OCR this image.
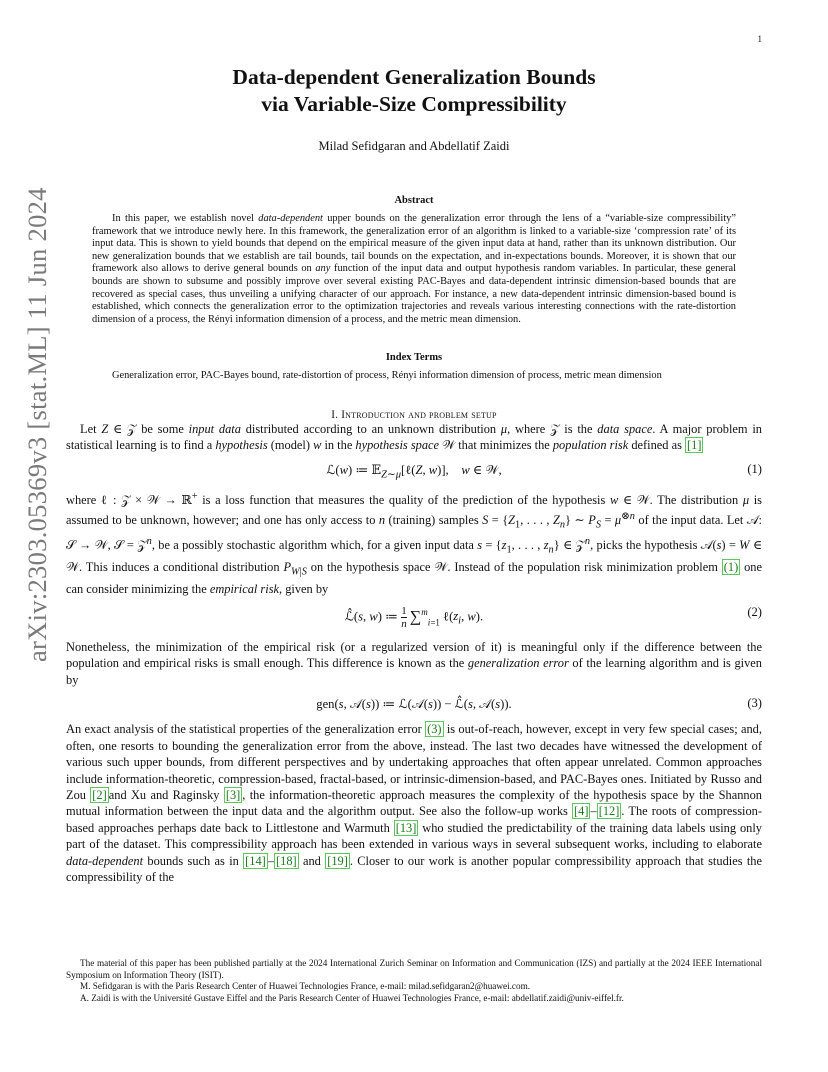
1
arXiv:2303.05369v3 [stat.ML] 11 Jun 2024
Data-dependent Generalization Bounds
via Variable-Size Compressibility
Milad Sefidgaran and Abdellatif Zaidi
Abstract
In this paper, we establish novel data-dependent upper bounds on the generalization error through the lens of a “variable-size compressibility” framework that we introduce newly here. In this framework, the generalization error of an algorithm is linked to a variable-size ‘compression rate’ of its input data. This is shown to yield bounds that depend on the empirical measure of the given input data at hand, rather than its unknown distribution. Our new generalization bounds that we establish are tail bounds, tail bounds on the expectation, and in-expectations bounds. Moreover, it is shown that our framework also allows to derive general bounds on any function of the input data and output hypothesis random variables. In particular, these general bounds are shown to subsume and possibly improve over several existing PAC-Bayes and data-dependent intrinsic dimension-based bounds that are recovered as special cases, thus unveiling a unifying character of our approach. For instance, a new data-dependent intrinsic dimension-based bound is established, which connects the generalization error to the optimization trajectories and reveals various interesting connections with the rate-distortion dimension of a process, the Rényi information dimension of a process, and the metric mean dimension.
Index Terms
Generalization error, PAC-Bayes bound, rate-distortion of process, Rényi information dimension of process, metric mean dimension
I. Introduction and problem setup

Let Z ∈ 𝒵 be some input data distributed according to an unknown distribution μ, where 𝒵 is the data space. A major problem in statistical learning is to find a hypothesis (model) w in the hypothesis space 𝒲 that minimizes the population risk defined as [1]

ℒ(w) ≔ 𝔼$_{Z\sim\mu}$[ℓ(Z, w)],    w ∈ 𝒲,	(1)

where ℓ : 𝒵 × 𝒲 → ℝ+ is a loss function that measures the quality of the prediction of the hypothesis w ∈ 𝒲. The distribution μ is assumed to be unknown, however; and one has only access to n (training) samples $S = \{Z_1$, . . . , $Z_n$} ∼ $P_S = \mu^{\otimes n}$ of the input data. Let 𝒜: 𝒮 → 𝒲, 𝒮 = 𝒵$^n$, be a possibly stochastic algorithm which, for a given input data $s = \{z_1$, . . . , $z_n$} ∈ 𝒵$^n$, picks the hypothesis 𝒜(s) = W ∈ 𝒲. This induces a conditional distribution $P_{W|S}$ on the hypothesis space 𝒲. Instead of the population risk minimization problem (1) one can consider minimizing the empirical risk, given by

ℒ̂(s, w) ≔ $\frac{1}{n} \sum^m_{i=1}$ $\ell(z_i$, w).	(2)

Nonetheless, the minimization of the empirical risk (or a regularized version of it) is meaningful only if the difference between the population and empirical risks is small enough. This difference is known as the generalization error of the learning algorithm and is given by

gen(s, 𝒜(s)) ≔ ℒ(𝒜(s)) − ℒ̂(s, 𝒜(s)).	(3)

An exact analysis of the statistical properties of the generalization error (3) is out-of-reach, however, except in very few special cases; and, often, one resorts to bounding the generalization error from the above, instead. The last two decades have witnessed the development of various such upper bounds, from different perspectives and by undertaking approaches that often appear unrelated. Common approaches include information-theoretic, compression-based, fractal-based, or intrinsic-dimension-based, and PAC-Bayes ones. Initiated by Russo and Zou [2] and Xu and Raginsky [3] , the information-theoretic approach measures the complexity of the hypothesis space by the Shannon mutual information between the input data and the algorithm output. See also the follow-up works [4] – [12] . The roots of compression-based approaches perhaps date back to Littlestone and Warmuth [13] who studied the predictability of the training data labels using only part of the dataset. This compressibility approach has been extended in various ways in several subsequent works, including to elaborate data-dependent bounds such as in [14] – [18] and [19] . Closer to our work is another popular compressibility approach that studies the compressibility of the

The material of this paper has been published partially at the 2024 International Zurich Seminar on Information and Communication (IZS) and partially at the 2024 IEEE International Symposium on Information Theory (ISIT).

M. Sefidgaran is with the Paris Research Center of Huawei Technologies France, e-mail: milad.sefidgaran2@huawei.com.

A. Zaidi is with the Université Gustave Eiffel and the Paris Research Center of Huawei Technologies France, e-mail: abdellatif.zaidi@univ-eiffel.fr.
